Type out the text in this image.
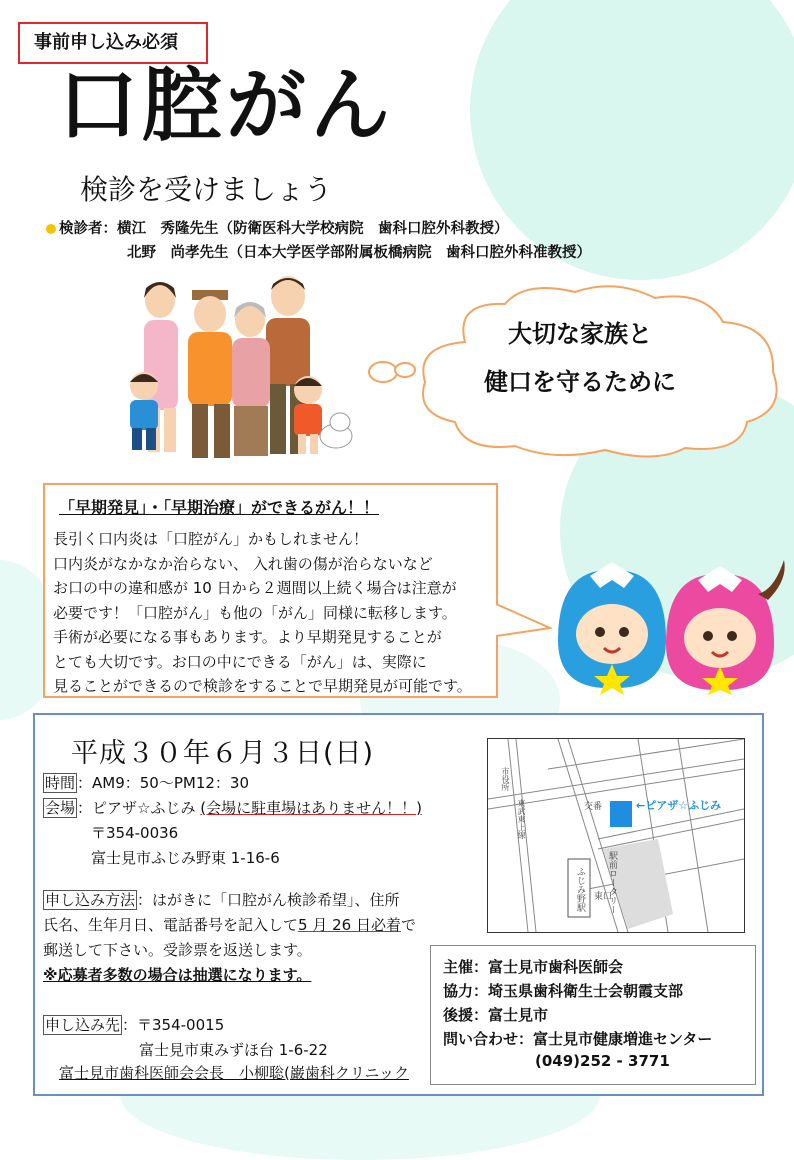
事前申し込み必須
口腔がん
検診を受けましょう
検診者：横江　秀隆先生（防衛医科大学校病院　歯科口腔外科教授）
北野　尚孝先生（日本大学医学部附属板橋病院　歯科口腔外科准教授）
大切な家族と
健口を守るために
「早期発見」・「早期治療」ができるがん！！
長引く口内炎は「口腔がん」かもしれません！
口内炎がなかなか治らない、 入れ歯の傷が治らないなど
お口の中の違和感が 10 日から２週間以上続く場合は注意が
必要です！「口腔がん」も他の「がん」同様に転移します。
手術が必要になる事もあります。より早期発見することが
とても大切です。お口の中にできる「がん」は、実際に
見ることができるので検診をすることで早期発見が可能です。
平成３０年６月３日(日)
時間 ：AM9：50～PM12：30
会場 ：ピアザ☆ふじみ (会場に駐車場はありません！！)
〒354-0036
富士見市ふじみ野東 1-16-6
申し込み方法 ：はがきに「口腔がん検診希望」、住所
氏名、生年月日、電話番号を記入して5 月 26 日必着で
郵送して下さい。受診票を返送します。
※応募者多数の場合は抽選になります。
申し込み先 ：〒354-0015
富士見市東みずほ台 1-6-22
富士見市歯科医師会会長　小柳聡(巌歯科クリニック
←ピアザ☆ふじみ
交番
市役所
東武東上線
ふじみ野駅 駅前ロータリー
東口
主催：富士見市歯科医師会
協力：埼玉県歯科衛生士会朝霞支部
後援：富士見市
問い合わせ：富士見市健康増進センター
(049)252 - 3771
